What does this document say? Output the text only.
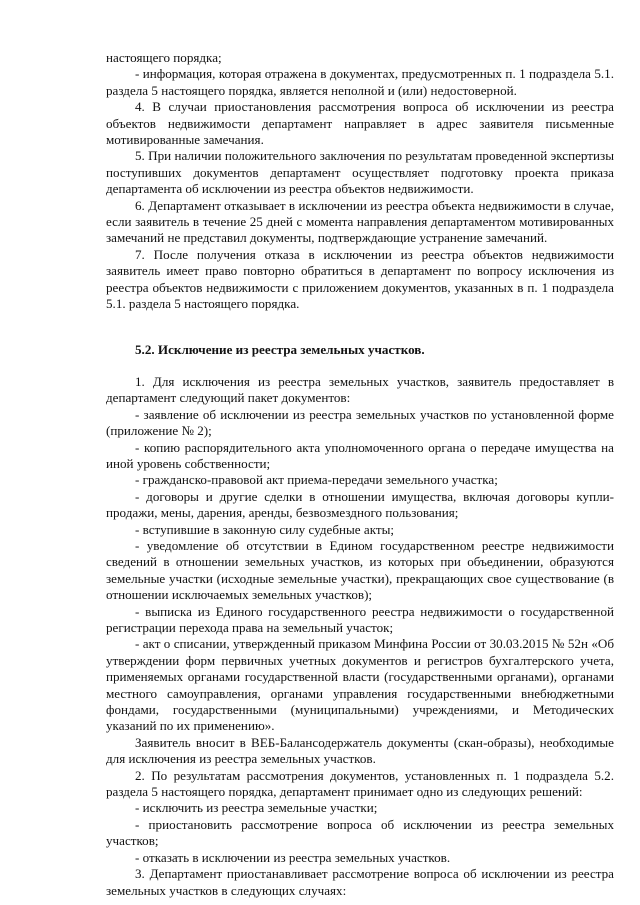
настоящего порядка;

- информация, которая отражена в документах, предусмотренных п. 1 подраздела 5.1. раздела 5 настоящего порядка, является неполной и (или) недостоверной.

4. В случаи приостановления рассмотрения вопроса об исключении из реестра объектов недвижимости департамент направляет в адрес заявителя письменные мотивированные замечания.

5. При наличии положительного заключения по результатам проведенной экспертизы поступивших документов департамент осуществляет подготовку проекта приказа департамента об исключении из реестра объектов недвижимости.

6. Департамент отказывает в исключении из реестра объекта недвижимости в случае, если заявитель в течение 25 дней с момента направления департаментом мотивированных замечаний не представил документы, подтверждающие устранение замечаний.

7. После получения отказа в исключении из реестра объектов недвижимости заявитель имеет право повторно обратиться в департамент по вопросу исключения из реестра объектов недвижимости с приложением документов, указанных в п. 1 подраздела 5.1. раздела 5 настоящего порядка.

5.2. Исключение из реестра земельных участков.

1. Для исключения из реестра земельных участков, заявитель предоставляет в департамент следующий пакет документов:

- заявление об исключении из реестра земельных участков по установленной форме (приложение № 2);

- копию распорядительного акта уполномоченного органа о передаче имущества на иной уровень собственности;

- гражданско-правовой акт приема-передачи земельного участка;

- договоры и другие сделки в отношении имущества, включая договоры купли-продажи, мены, дарения, аренды, безвозмездного пользования;

- вступившие в законную силу судебные акты;

- уведомление об отсутствии в Едином государственном реестре недвижимости сведений в отношении земельных участков, из которых при объединении, образуются земельные участки (исходные земельные участки), прекращающих свое существование (в отношении исключаемых земельных участков);

- выписка из Единого государственного реестра недвижимости о государственной регистрации перехода права на земельный участок;

- акт о списании, утвержденный приказом Минфина России от 30.03.2015 № 52н «Об утверждении форм первичных учетных документов и регистров бухгалтерского учета, применяемых органами государственной власти (государственными органами), органами местного самоуправления, органами управления государственными внебюджетными фондами, государственными (муниципальными) учреждениями, и Методических указаний по их применению».

Заявитель вносит в ВЕБ-Балансодержатель документы (скан-образы), необходимые для исключения из реестра земельных участков.

2. По результатам рассмотрения документов, установленных п. 1 подраздела 5.2. раздела 5 настоящего порядка, департамент принимает одно из следующих решений:

- исключить из реестра земельные участки;

- приостановить рассмотрение вопроса об исключении из реестра земельных участков;

- отказать в исключении из реестра земельных участков.

3. Департамент приостанавливает рассмотрение вопроса об исключении из реестра земельных участков в следующих случаях:
